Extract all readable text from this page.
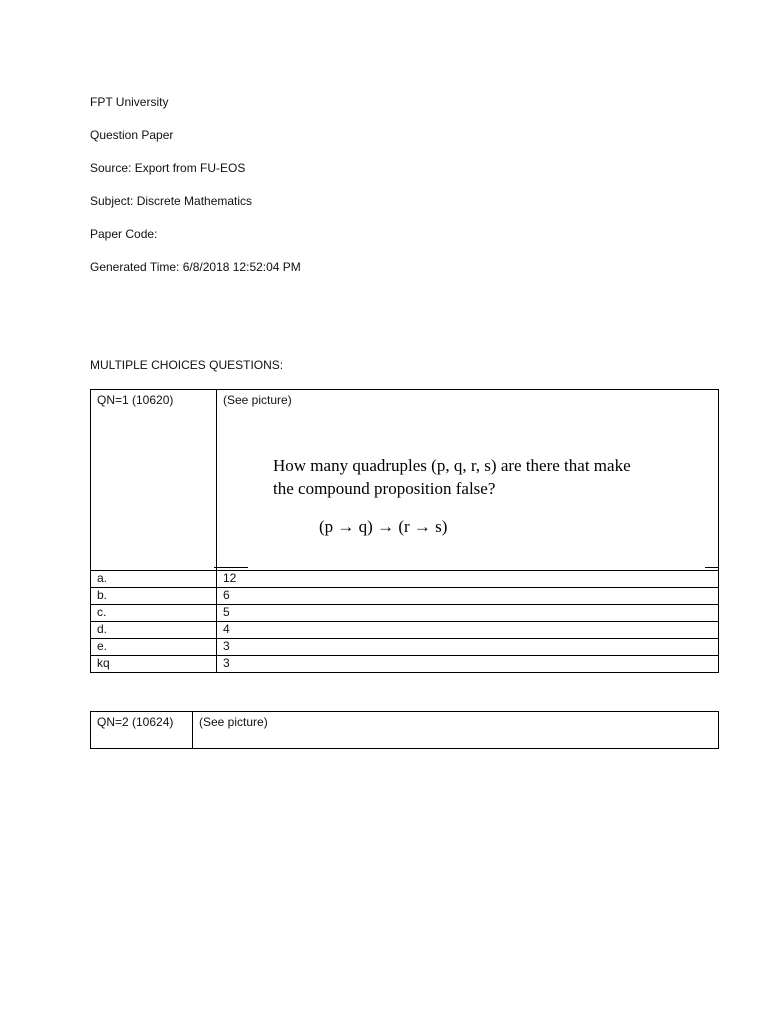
FPT University
Question Paper
Source: Export from FU-EOS
Subject: Discrete Mathematics
Paper Code:
Generated Time: 6/8/2018 12:52:04 PM
MULTIPLE CHOICES QUESTIONS:
QN=1 (10620)	(See picture)
How many quadruples (p, q, r, s) are there that make
the compound proposition false?
(p → q) → (r → s)

a.	12
b.	6
c.	5
d.	4
e.	3
kq	3
QN=2 (10624)	(See picture)
